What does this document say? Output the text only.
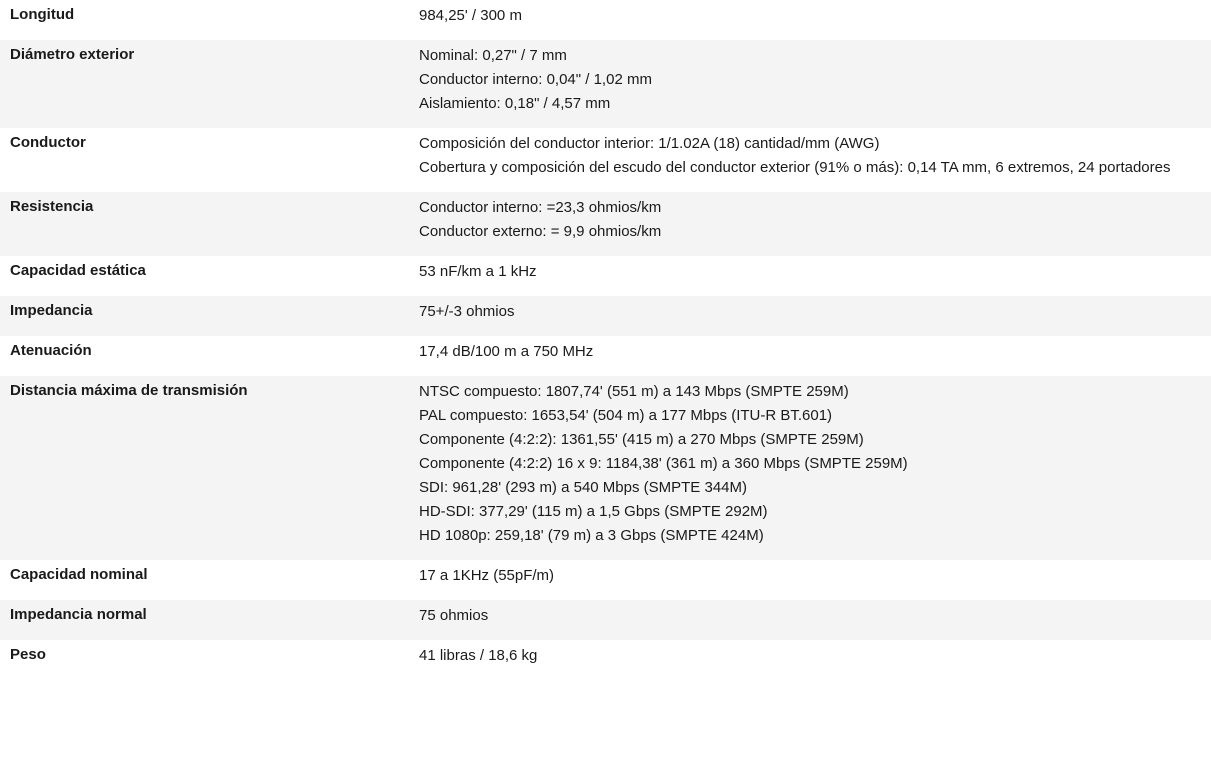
Longitud	984,25' / 300 m
Diámetro exterior	Nominal: 0,27" / 7 mm
Conductor interno: 0,04" / 1,02 mm
Aislamiento: 0,18" / 4,57 mm
Conductor	Composición del conductor interior: 1/1.02A (18) cantidad/mm (AWG)
Cobertura y composición del escudo del conductor exterior (91% o más): 0,14 TA mm, 6 extremos, 24 portadores
Resistencia	Conductor interno: =23,3 ohmios/km
Conductor externo: = 9,9 ohmios/km
Capacidad estática	53 nF/km a 1 kHz
Impedancia	75+/-3 ohmios
Atenuación	17,4 dB/100 m a 750 MHz
Distancia máxima de transmisión	NTSC compuesto: 1807,74' (551 m) a 143 Mbps (SMPTE 259M)
PAL compuesto: 1653,54' (504 m) a 177 Mbps (ITU-R BT.601)
Componente (4:2:2): 1361,55' (415 m) a 270 Mbps (SMPTE 259M)
Componente (4:2:2) 16 x 9: 1184,38' (361 m) a 360 Mbps (SMPTE 259M)
SDI: 961,28' (293 m) a 540 Mbps (SMPTE 344M)
HD-SDI: 377,29' (115 m) a 1,5 Gbps (SMPTE 292M)
HD 1080p: 259,18' (79 m) a 3 Gbps (SMPTE 424M)
Capacidad nominal	17 a 1KHz (55pF/m)
Impedancia normal	75 ohmios
Peso	41 libras / 18,6 kg
